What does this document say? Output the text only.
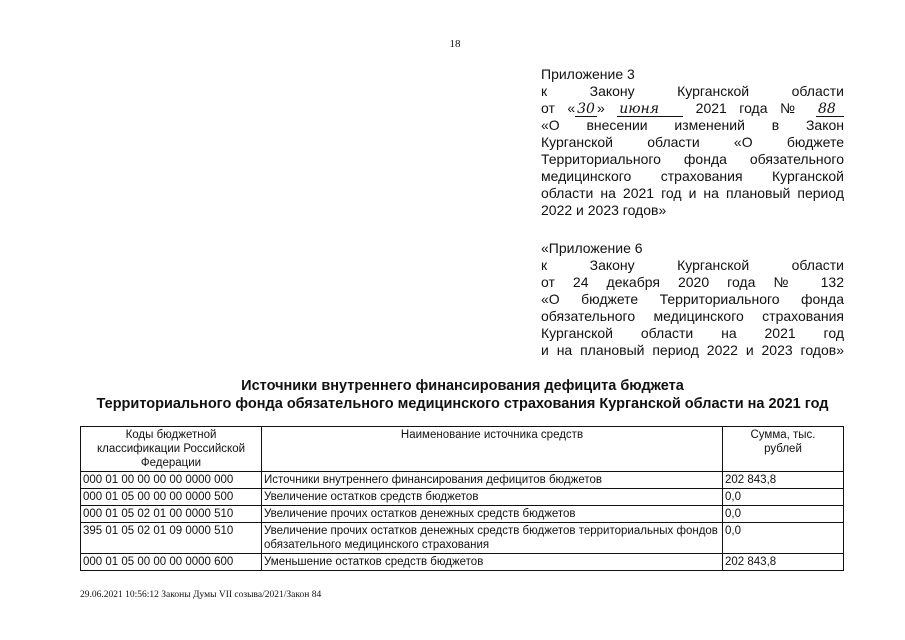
18
Приложение 3
к	Закону	Курганской	области
от « 30 » июня	2021 года № 88
«О внесении изменений в Закон
Курганской области «О бюджете
Территориального фонда обязательного
медицинского страхования Курганской
области на 2021 год и на плановый период
2022 и 2023 годов»
«Приложение 6
к Закону Курганской области
от 24 декабря 2020 года № 132
«О бюджете Территориального фонда
обязательного медицинского страхования
Курганской области на 2021 год
и на плановый период 2022 и 2023 годов»
Источники внутреннего финансирования дефицита бюджета
Территориального фонда обязательного медицинского страхования Курганской области на 2021 год
Коды бюджетной классификации Российской Федерации	Наименование источника средств	Сумма, тыс. рублей
000 01 00 00 00 00 0000 000	Источники внутреннего финансирования дефицитов бюджетов	202 843,8
000 01 05 00 00 00 0000 500	Увеличение остатков средств бюджетов	0,0
000 01 05 02 01 00 0000 510	Увеличение прочих остатков денежных средств бюджетов	0,0
395 01 05 02 01 09 0000 510	Увеличение прочих остатков денежных средств бюджетов территориальных фондов обязательного медицинского страхования	0,0
000 01 05 00 00 00 0000 600	Уменьшение остатков средств бюджетов	202 843,8
29.06.2021 10:56:12 Законы Думы VII созыва/2021/Закон 84
